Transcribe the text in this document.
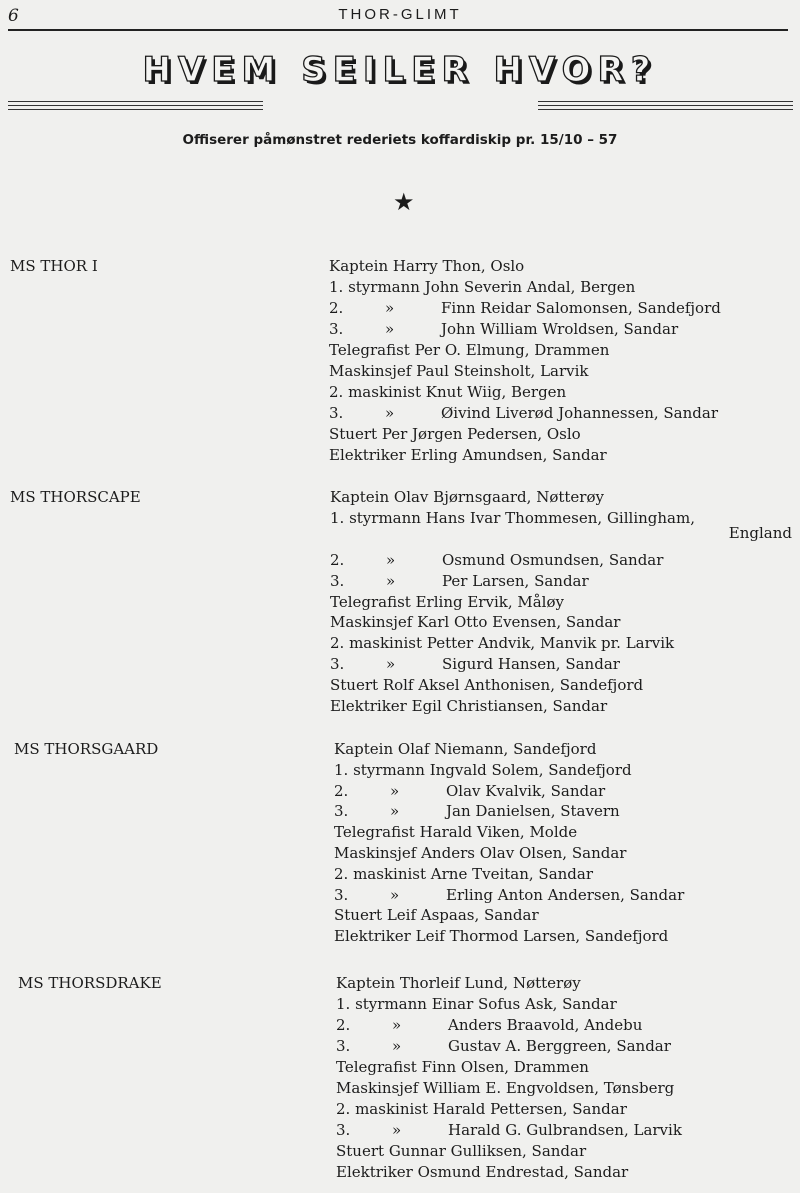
6	THOR-GLIMT
HVEM SEILER HVOR?
Offiserer påmønstret rederiets koffardiskip pr. 15/10 – 57
★
MS THOR I	Kaptein Harry Thon, Oslo
1. styrmann John Severin Andal, Bergen
2.	»	Finn Reidar Salomonsen, Sandefjord
3.	»	John William Wroldsen, Sandar
Telegrafist Per O. Elmung, Drammen
Maskinsjef Paul Steinsholt, Larvik
2. maskinist Knut Wiig, Bergen
3.	»	Øivind Liverød Johannessen, Sandar
Stuert Per Jørgen Pedersen, Oslo
Elektriker Erling Amundsen, Sandar
MS THORSCAPE	Kaptein Olav Bjørnsgaard, Nøtterøy
1. styrmann Hans Ivar Thommesen, Gillingham,
England
2.	»	Osmund Osmundsen, Sandar
3.	»	Per Larsen, Sandar
Telegrafist Erling Ervik, Måløy
Maskinsjef Karl Otto Evensen, Sandar
2. maskinist Petter Andvik, Manvik pr. Larvik
3.	»	Sigurd Hansen, Sandar
Stuert Rolf Aksel Anthonisen, Sandefjord
Elektriker Egil Christiansen, Sandar
MS THORSGAARD	Kaptein Olaf Niemann, Sandefjord
1. styrmann Ingvald Solem, Sandefjord
2.	»	Olav Kvalvik, Sandar
3.	»	Jan Danielsen, Stavern
Telegrafist Harald Viken, Molde
Maskinsjef Anders Olav Olsen, Sandar
2. maskinist Arne Tveitan, Sandar
3.	»	Erling Anton Andersen, Sandar
Stuert Leif Aspaas, Sandar
Elektriker Leif Thormod Larsen, Sandefjord
MS THORSDRAKE	Kaptein Thorleif Lund, Nøtterøy
1. styrmann Einar Sofus Ask, Sandar
2.	»	Anders Braavold, Andebu
3.	»	Gustav A. Berggreen, Sandar
Telegrafist Finn Olsen, Drammen
Maskinsjef William E. Engvoldsen, Tønsberg
2. maskinist Harald Pettersen, Sandar
3.	»	Harald G. Gulbrandsen, Larvik
Stuert Gunnar Gulliksen, Sandar
Elektriker Osmund Endrestad, Sandar
